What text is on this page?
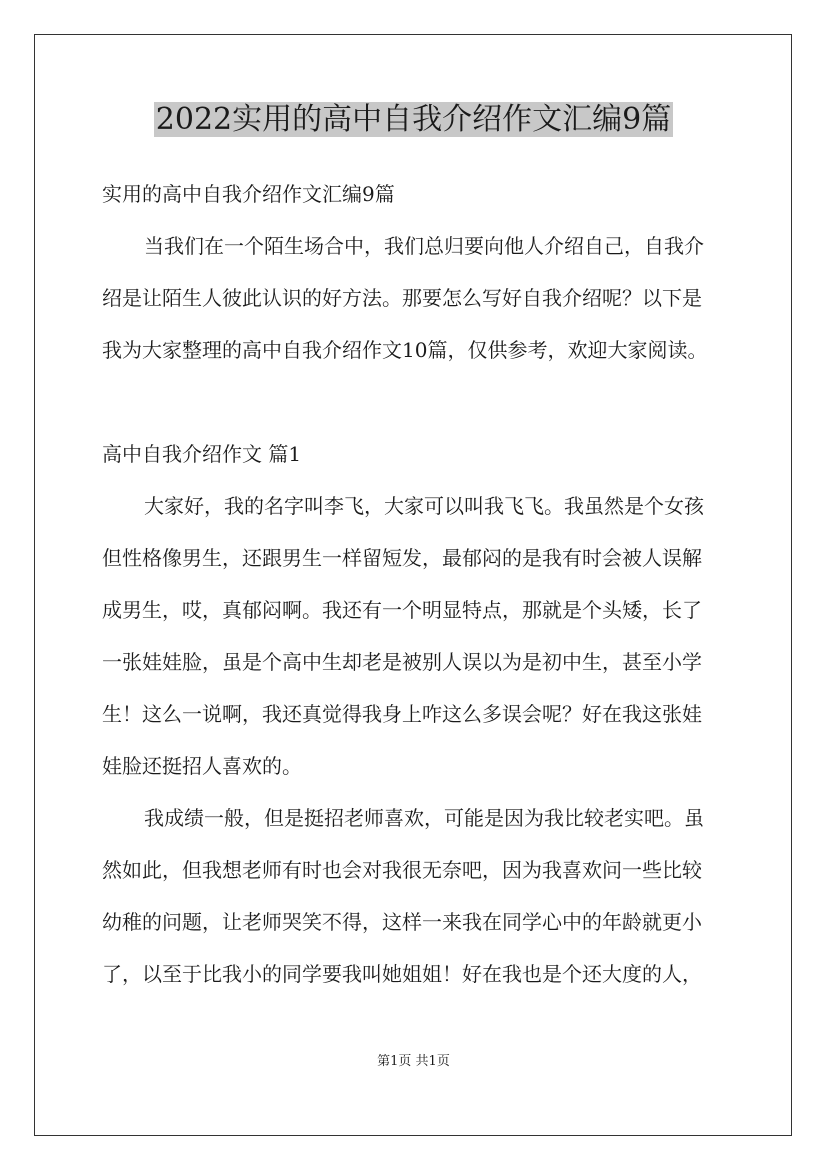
2022实用的高中自我介绍作文汇编9篇
实用的高中自我介绍作文汇编9篇
当我们在一个陌生场合中，我们总归要向他人介绍自己，自我介
绍是让陌生人彼此认识的好方法。那要怎么写好自我介绍呢？以下是
我为大家整理的高中自我介绍作文10篇，仅供参考，欢迎大家阅读。
高中自我介绍作文 篇1
大家好，我的名字叫李飞，大家可以叫我飞飞。我虽然是个女孩
但性格像男生，还跟男生一样留短发，最郁闷的是我有时会被人误解
成男生，哎，真郁闷啊。我还有一个明显特点，那就是个头矮，长了
一张娃娃脸，虽是个高中生却老是被别人误以为是初中生，甚至小学
生！这么一说啊，我还真觉得我身上咋这么多误会呢？好在我这张娃
娃脸还挺招人喜欢的。
我成绩一般，但是挺招老师喜欢，可能是因为我比较老实吧。虽
然如此，但我想老师有时也会对我很无奈吧，因为我喜欢问一些比较
幼稚的问题，让老师哭笑不得，这样一来我在同学心中的年龄就更小
了，以至于比我小的同学要我叫她姐姐！好在我也是个还大度的人，
第1页 共1页
